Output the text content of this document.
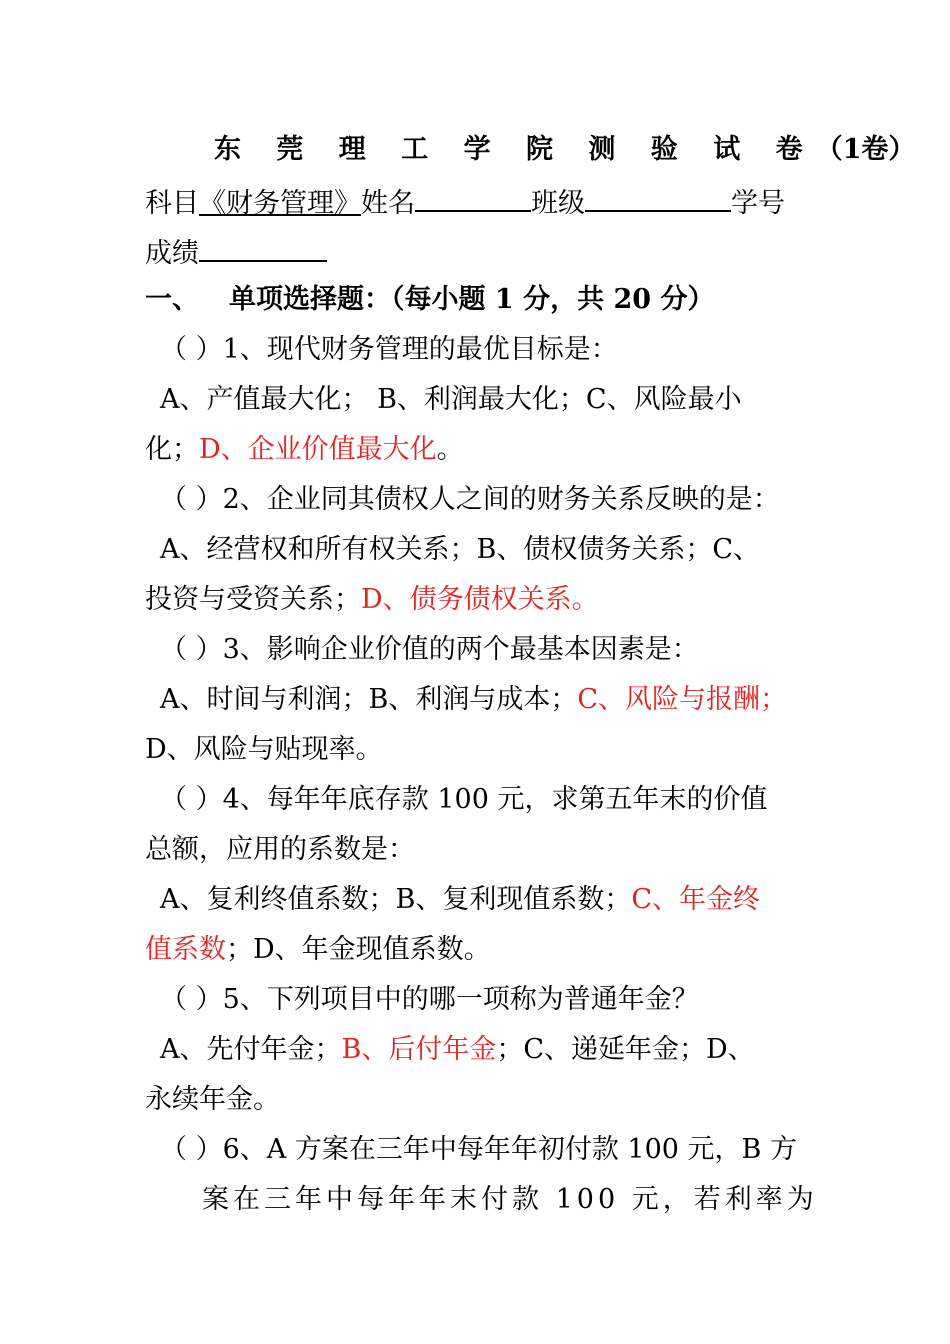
东 莞 理 工 学 院 测 验 试 卷（1卷）
科目《财务管理》姓名	班级	学号
成绩
一、 单项选择题：（每小题 1 分，共 20 分）
（ ）1、现代财务管理的最优目标是：
A、产值最大化； B、利润最大化；C、风险最小
化；D、企业价值最大化。
（ ）2、企业同其债权人之间的财务关系反映的是：
A、经营权和所有权关系；B、债权债务关系；C、
投资与受资关系；D、债务债权关系。
（ ）3、影响企业价值的两个最基本因素是：
A、时间与利润；B、利润与成本；C、风险与报酬；
D、风险与贴现率。
（ ）4、每年年底存款 100 元，求第五年末的价值
总额，应用的系数是：
A、复利终值系数；B、复利现值系数；C、年金终
值系数；D、年金现值系数。
（ ）5、下列项目中的哪一项称为普通年金？
A、先付年金；B、后付年金；C、递延年金；D、
永续年金。
（ ）6、A 方案在三年中每年年初付款 100 元，B 方
案在三年中每年年末付款 100 元，若利率为
